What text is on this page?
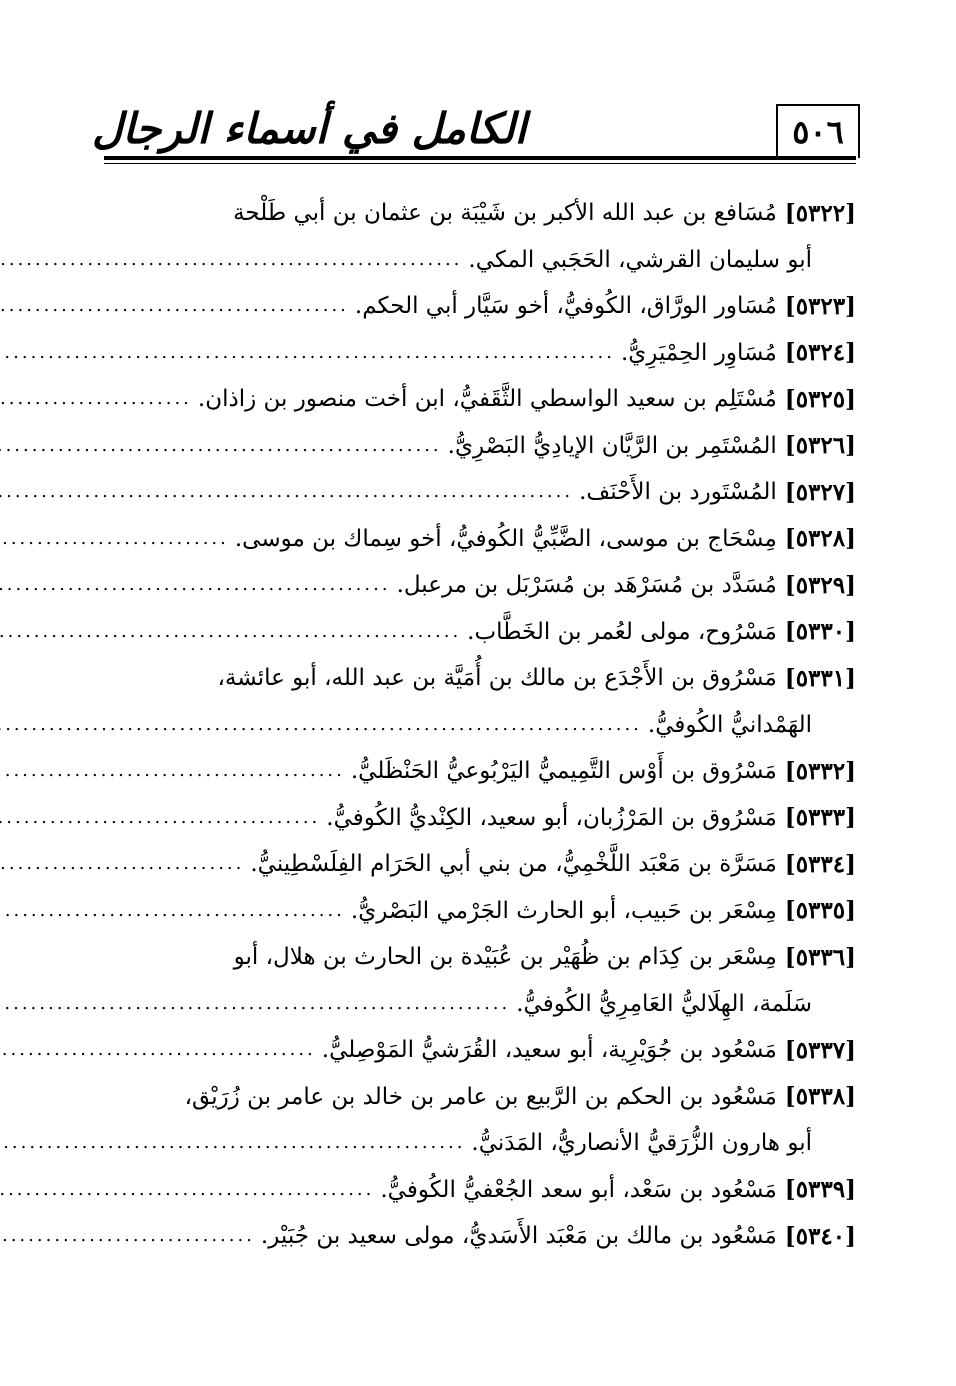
الكامل في أسماء الرجال	٥٠٦
[٥٣٢٢]
مُسَافع بن عبد الله الأكبر بن شَيْبَة بن عثمان بن أبي طَلْحة
أبو سليمان القرشي، الحَجَبي المكي.
.....
[٥٣٢٣]
مُسَاور الورَّاق، الكُوفيُّ، أخو سَيَّار أبي الحكم.
.....
[٥٣٢٤]
مُسَاوِر الحِمْيَرِيُّ.
.....
[٥٣٢٥]
مُسْتَلِم بن سعيد الواسطي الثَّقَفيُّ، ابن أخت منصور بن زاذان.
.....
[٥٣٢٦]
المُسْتَمِر بن الرَّيَّان الإيادِيُّ البَصْرِيُّ.
.....
[٥٣٢٧]
المُسْتَورد بن الأَحْنَف.
.....
[٥٣٢٨]
مِسْحَاج بن موسى، الضَّبِّيُّ الكُوفيُّ، أخو سِماك بن موسى.
.....
[٥٣٢٩]
مُسَدَّد بن مُسَرْهَد بن مُسَرْبَل بن مرعبل.
.....
[٥٣٣٠]
مَسْرُوح، مولى لعُمر بن الخَطَّاب.
.....
[٥٣٣١]
مَسْرُوق بن الأَجْدَع بن مالك بن أُمَيَّة بن عبد الله، أبو عائشة،
الهَمْدانيُّ الكُوفيُّ.
.....
[٥٣٣٢]
مَسْرُوق بن أَوْس التَّمِيميُّ اليَرْبُوعيُّ الحَنْظَليُّ.
.....
[٥٣٣٣]
مَسْرُوق بن المَرْزُبان، أبو سعيد، الكِنْديُّ الكُوفيُّ.
.....
[٥٣٣٤]
مَسَرَّة بن مَعْبَد اللَّخْمِيُّ، من بني أبي الحَرَام الفِلَسْطِينيُّ.
.....
[٥٣٣٥]
مِسْعَر بن حَبيب، أبو الحارث الجَرْمي البَصْريُّ.
.....
[٥٣٣٦]
مِسْعَر بن كِدَام بن ظُهَيْر بن عُبَيْدة بن الحارث بن هلال، أبو
سَلَمة، الهِلَاليُّ العَامِرِيُّ الكُوفيُّ.
.....
[٥٣٣٧]
مَسْعُود بن جُوَيْرِية، أبو سعيد، القُرَشيُّ المَوْصِليُّ.
.....
[٥٣٣٨]
مَسْعُود بن الحكم بن الرَّبيع بن عامر بن خالد بن عامر بن زُرَيْق،
أبو هارون الزُّرَقيُّ الأنصاريُّ، المَدَنيُّ.
.....
[٥٣٣٩]
مَسْعُود بن سَعْد، أبو سعد الجُعْفيُّ الكُوفيُّ.
.....
[٥٣٤٠]
مَسْعُود بن مالك بن مَعْبَد الأَسَديُّ، مولى سعيد بن جُبَيْر.
.....
